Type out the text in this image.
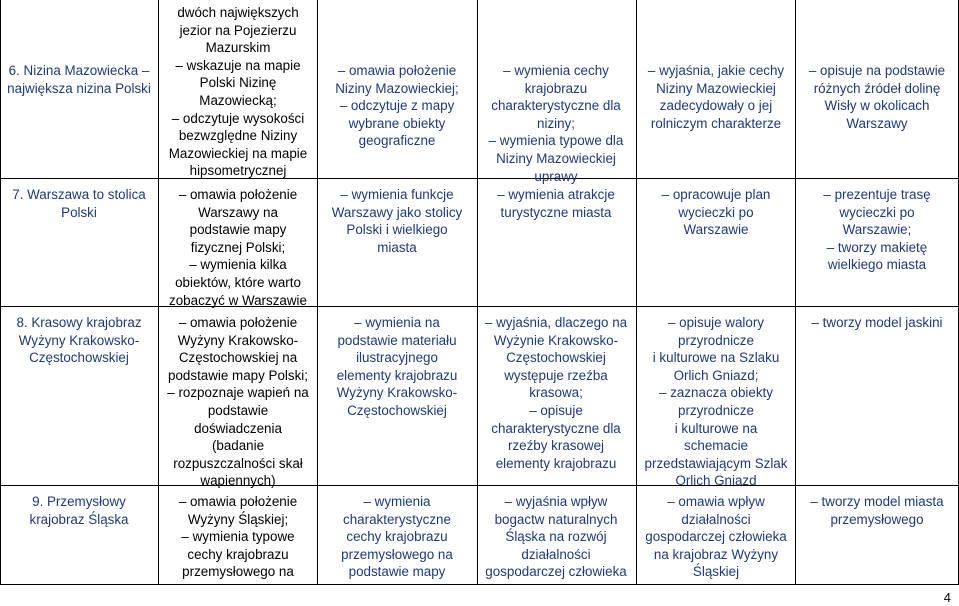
6. Nizina Mazowiecka –
największa nizina Polski
dwóch największych
jezior na Pojezierzu
Mazurskim
– wskazuje na mapie
Polski Nizinę
Mazowiecką;
– odczytuje wysokości
bezwzględne Niziny
Mazowieckiej na mapie
hipsometrycznej
– omawia położenie
Niziny Mazowieckiej;
– odczytuje z mapy
wybrane obiekty
geograficzne
– wymienia cechy
krajobrazu
charakterystyczne dla
niziny;
– wymienia typowe dla
Niziny Mazowieckiej
uprawy
– wyjaśnia, jakie cechy
Niziny Mazowieckiej
zadecydowały o jej
rolniczym charakterze
– opisuje na podstawie
różnych źródeł dolinę
Wisły w okolicach
Warszawy
7. Warszawa to stolica
Polski
– omawia położenie
Warszawy na
podstawie mapy
fizycznej Polski;
– wymienia kilka
obiektów, które warto
zobaczyć w Warszawie
– wymienia funkcje
Warszawy jako stolicy
Polski i wielkiego
miasta
– wymienia atrakcje
turystyczne miasta
– opracowuje plan
wycieczki po
Warszawie
– prezentuje trasę
wycieczki po
Warszawie;
– tworzy makietę
wielkiego miasta
8. Krasowy krajobraz
Wyżyny Krakowsko-
Częstochowskiej
– omawia położenie
Wyżyny Krakowsko-
Częstochowskiej na
podstawie mapy Polski;
– rozpoznaje wapień na
podstawie
doświadczenia
(badanie
rozpuszczalności skał
wapiennych)
– wymienia na
podstawie materiału
ilustracyjnego
elementy krajobrazu
Wyżyny Krakowsko-
Częstochowskiej
– wyjaśnia, dlaczego na
Wyżynie Krakowsko-
Częstochowskiej
występuje rzeźba
krasowa;
– opisuje
charakterystyczne dla
rzeźby krasowej
elementy krajobrazu
– opisuje walory
przyrodnicze
i kulturowe na Szlaku
Orlich Gniazd;
– zaznacza obiekty
przyrodnicze
i kulturowe na
schemacie
przedstawiającym Szlak
Orlich Gniazd
– tworzy model jaskini
9. Przemysłowy
krajobraz Śląska
– omawia położenie
Wyżyny Śląskiej;
– wymienia typowe
cechy krajobrazu
przemysłowego na
– wymienia
charakterystyczne
cechy krajobrazu
przemysłowego na
podstawie mapy
– wyjaśnia wpływ
bogactw naturalnych
Śląska na rozwój
działalności
gospodarczej człowieka
– omawia wpływ
działalności
gospodarczej człowieka
na krajobraz Wyżyny
Śląskiej
– tworzy model miasta
przemysłowego
4
